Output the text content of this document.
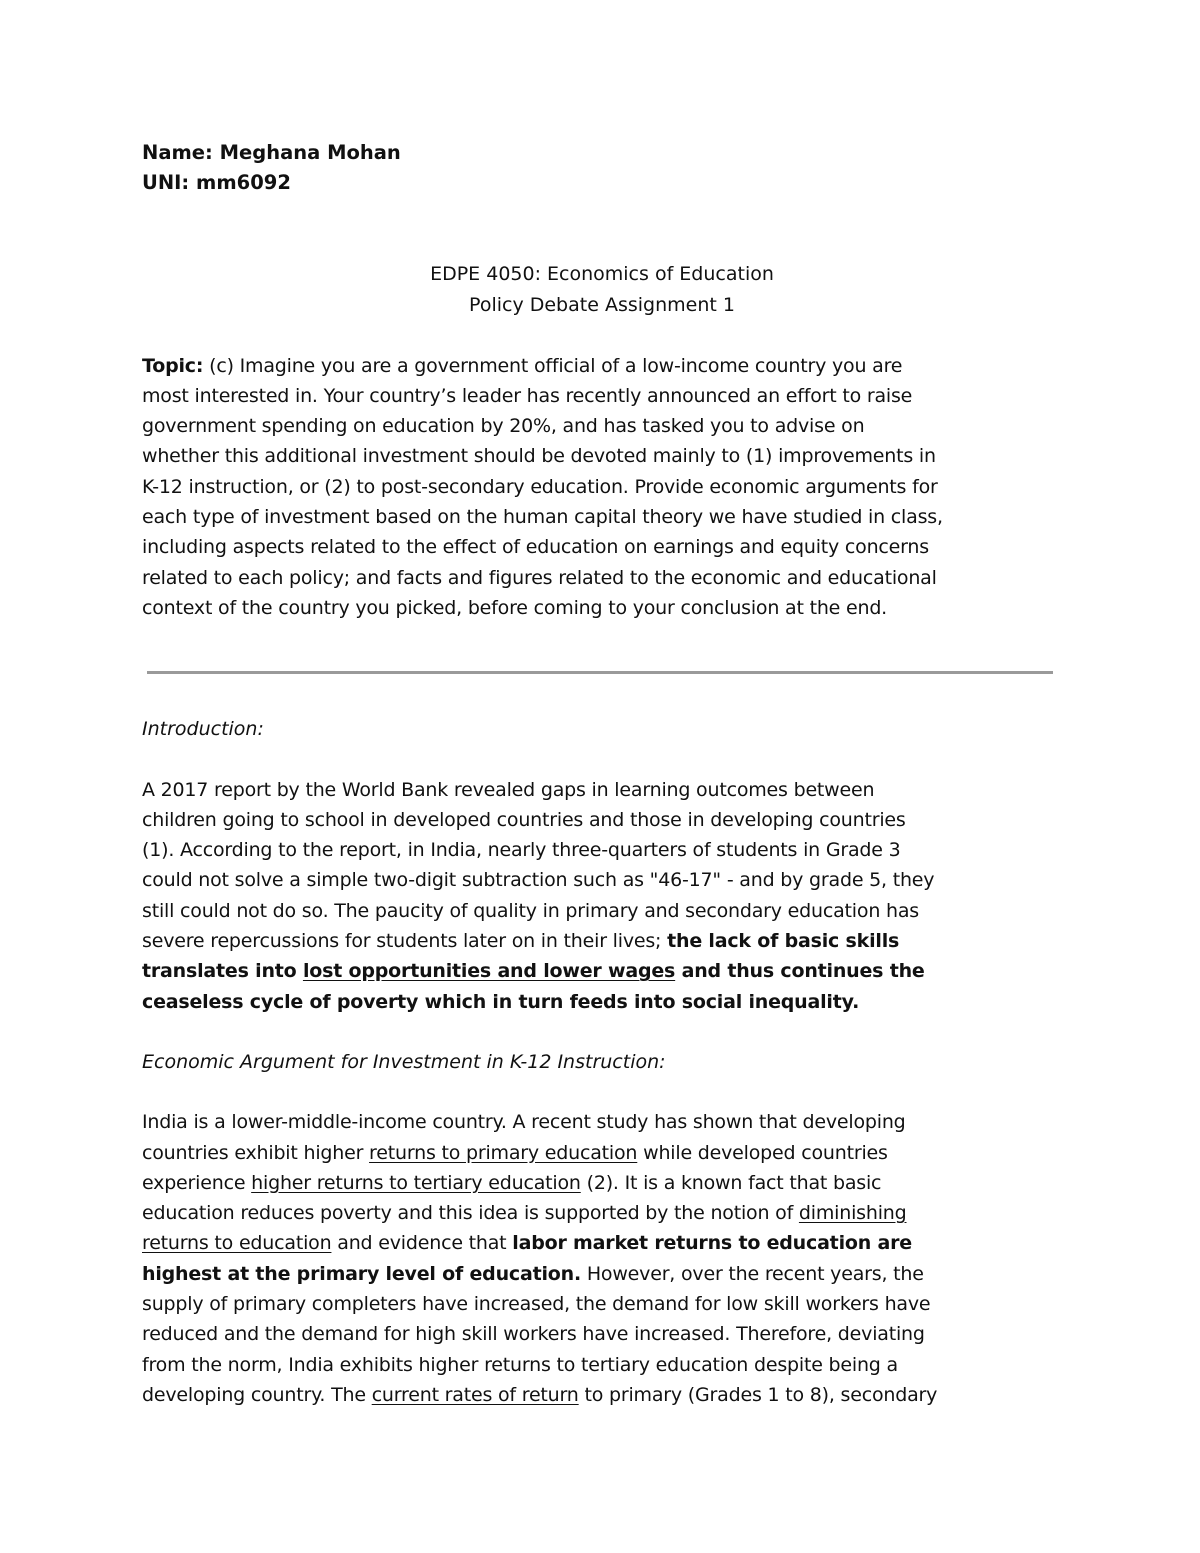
Name: Meghana Mohan
UNI: mm6092
EDPE 4050: Economics of Education
Policy Debate Assignment 1
Topic: (c) Imagine you are a government official of a low-income country you are
most interested in. Your country’s leader has recently announced an effort to raise
government spending on education by 20%, and has tasked you to advise on
whether this additional investment should be devoted mainly to (1) improvements in
K-12 instruction, or (2) to post-secondary education. Provide economic arguments for
each type of investment based on the human capital theory we have studied in class,
including aspects related to the effect of education on earnings and equity concerns
related to each policy; and facts and figures related to the economic and educational
context of the country you picked, before coming to your conclusion at the end.
Introduction:
A 2017 report by the World Bank revealed gaps in learning outcomes between
children going to school in developed countries and those in developing countries
(1). According to the report, in India, nearly three-quarters of students in Grade 3
could not solve a simple two-digit subtraction such as "46-17" - and by grade 5, they
still could not do so. The paucity of quality in primary and secondary education has
severe repercussions for students later on in their lives; the lack of basic skills
translates into lost opportunities and lower wages and thus continues the
ceaseless cycle of poverty which in turn feeds into social inequality.
Economic Argument for Investment in K-12 Instruction:
India is a lower-middle-income country. A recent study has shown that developing
countries exhibit higher returns to primary education while developed countries
experience higher returns to tertiary education (2). It is a known fact that basic
education reduces poverty and this idea is supported by the notion of diminishing
returns to education and evidence that labor market returns to education are
highest at the primary level of education. However, over the recent years, the
supply of primary completers have increased, the demand for low skill workers have
reduced and the demand for high skill workers have increased. Therefore, deviating
from the norm, India exhibits higher returns to tertiary education despite being a
developing country. The current rates of return to primary (Grades 1 to 8), secondary
